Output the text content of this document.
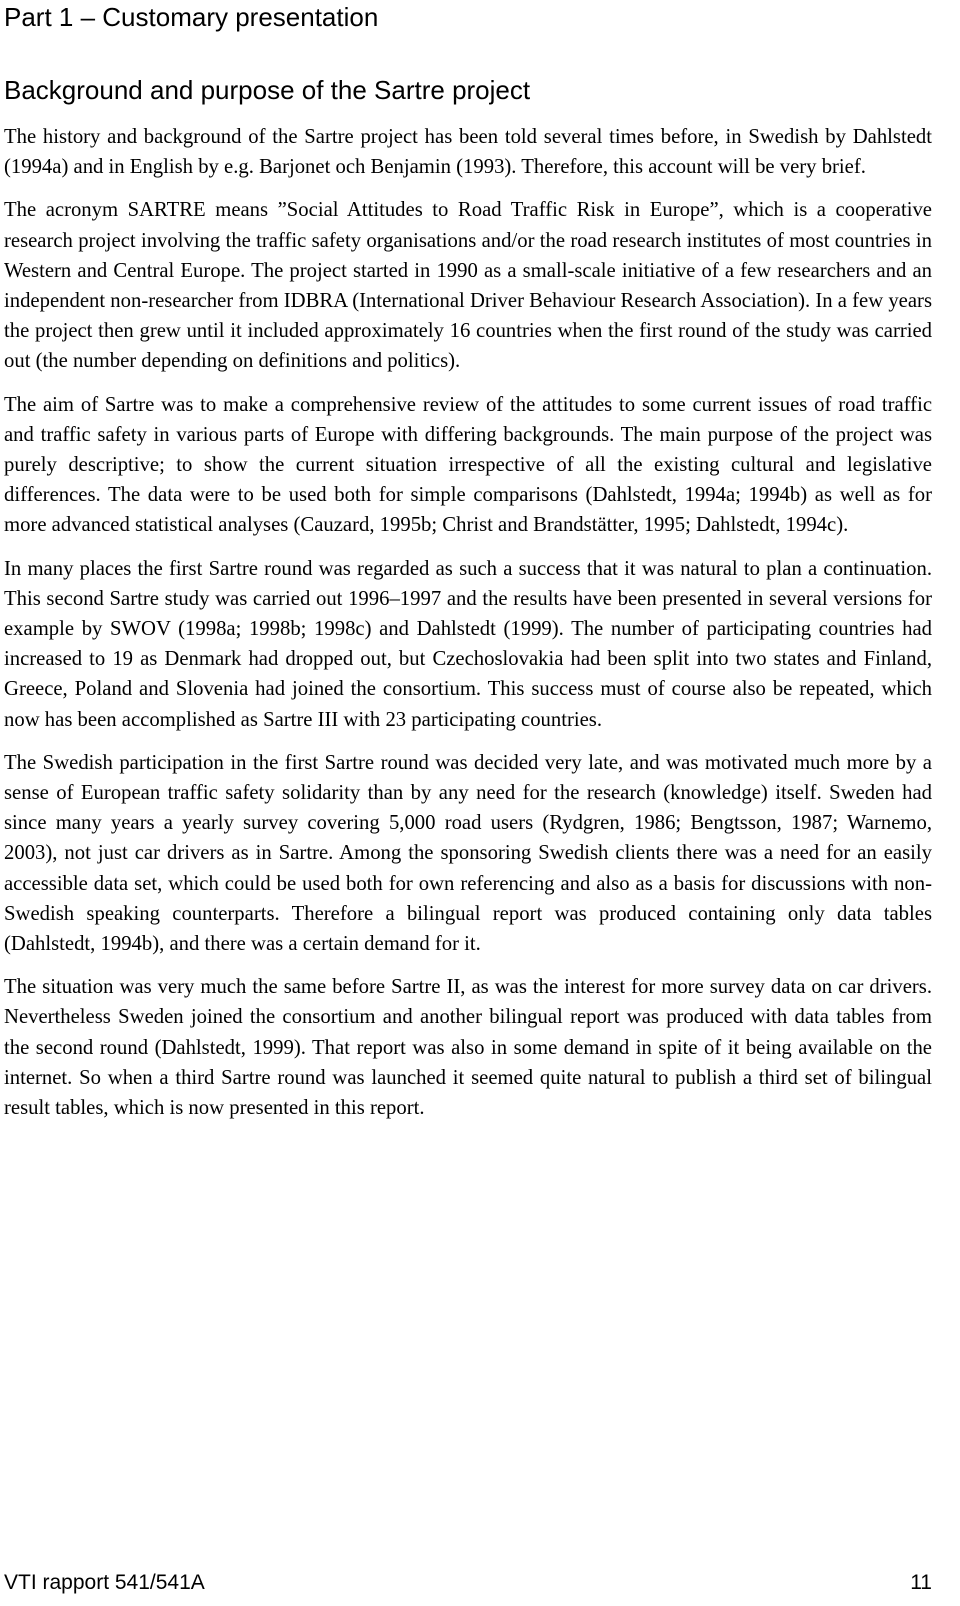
Part 1 – Customary presentation
Background and purpose of the Sartre project

The history and background of the Sartre project has been told several times before, in Swedish by Dahlstedt (1994a) and in English by e.g. Barjonet och Benjamin (1993). Therefore, this account will be very brief.

The acronym SARTRE means ”Social Attitudes to Road Traffic Risk in Europe”, which is a cooperative research project involving the traffic safety organisations and/or the road research institutes of most countries in Western and Central Europe. The project started in 1990 as a small-scale initiative of a few researchers and an independent non-researcher from IDBRA (International Driver Behaviour Research Association). In a few years the project then grew until it included approximately 16 countries when the first round of the study was carried out (the number depending on definitions and politics).

The aim of Sartre was to make a comprehensive review of the attitudes to some current issues of road traffic and traffic safety in various parts of Europe with differing backgrounds. The main purpose of the project was purely descriptive; to show the current situation irrespective of all the existing cultural and legislative differences. The data were to be used both for simple comparisons (Dahlstedt, 1994a; 1994b) as well as for more advanced statistical analyses (Cauzard, 1995b; Christ and Brandstätter, 1995; Dahlstedt, 1994c).

In many places the first Sartre round was regarded as such a success that it was natural to plan a continuation. This second Sartre study was carried out 1996–1997 and the results have been presented in several versions for example by SWOV (1998a; 1998b; 1998c) and Dahlstedt (1999). The number of participating countries had increased to 19 as Denmark had dropped out, but Czechoslovakia had been split into two states and Finland, Greece, Poland and Slovenia had joined the consortium. This success must of course also be repeated, which now has been accomplished as Sartre III with 23 participating countries.

The Swedish participation in the first Sartre round was decided very late, and was motivated much more by a sense of European traffic safety solidarity than by any need for the research (knowledge) itself. Sweden had since many years a yearly survey covering 5,000 road users (Rydgren, 1986; Bengtsson, 1987; Warnemo, 2003), not just car drivers as in Sartre. Among the sponsoring Swedish clients there was a need for an easily accessible data set, which could be used both for own referencing and also as a basis for discussions with non-Swedish speaking counterparts. Therefore a bilingual report was produced containing only data tables (Dahlstedt, 1994b), and there was a certain demand for it.

The situation was very much the same before Sartre II, as was the interest for more survey data on car drivers. Nevertheless Sweden joined the consortium and another bilingual report was produced with data tables from the second round (Dahlstedt, 1999). That report was also in some demand in spite of it being available on the internet. So when a third Sartre round was launched it seemed quite natural to publish a third set of bilingual result tables, which is now presented in this report.

VTI rapport 541/541A	11
